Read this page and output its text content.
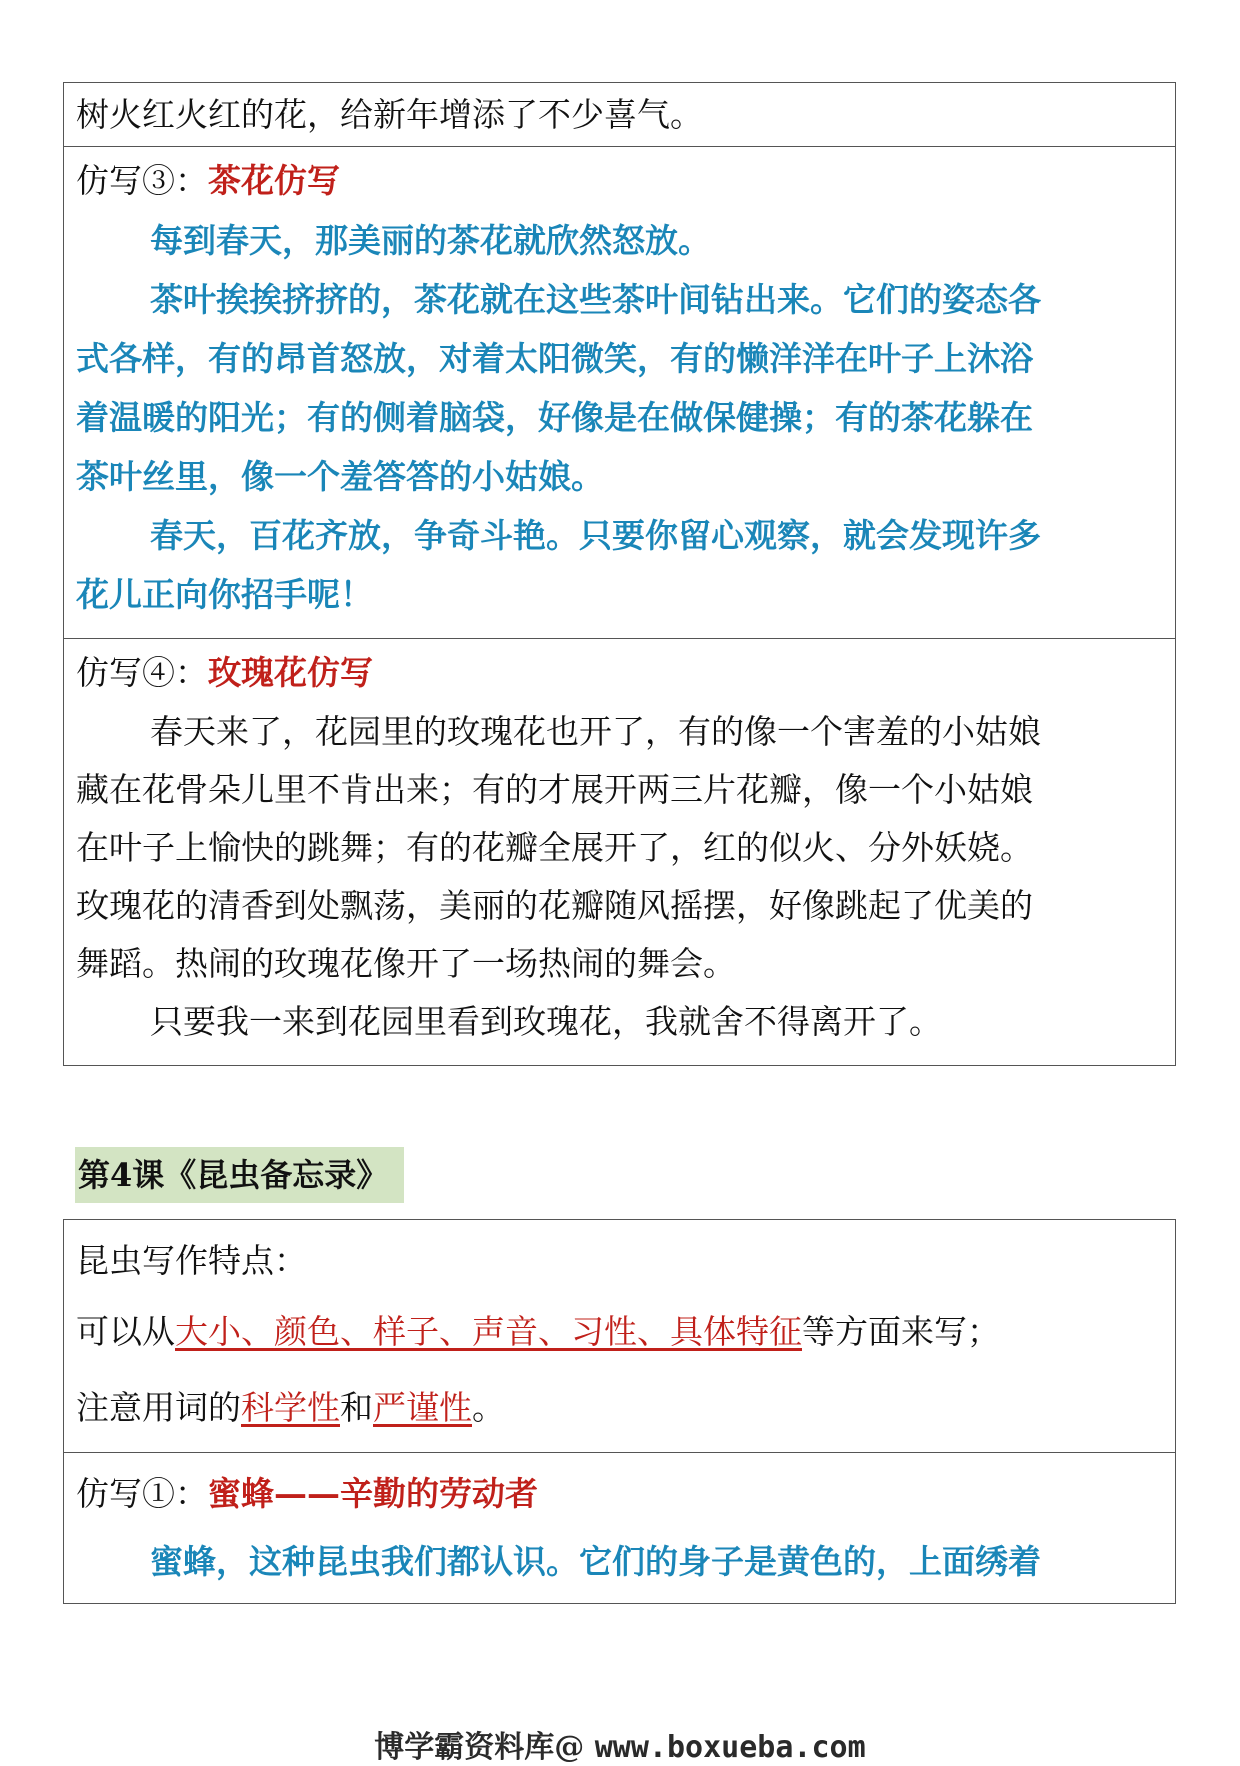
树火红火红的花，给新年增添了不少喜气。
仿写③：茶花仿写
每到春天，那美丽的茶花就欣然怒放。
茶叶挨挨挤挤的，茶花就在这些茶叶间钻出来。它们的姿态各
式各样，有的昂首怒放，对着太阳微笑，有的懒洋洋在叶子上沐浴
着温暖的阳光；有的侧着脑袋，好像是在做保健操；有的茶花躲在
茶叶丝里，像一个羞答答的小姑娘。
春天，百花齐放，争奇斗艳。只要你留心观察，就会发现许多
花儿正向你招手呢！
仿写④：玫瑰花仿写
春天来了，花园里的玫瑰花也开了，有的像一个害羞的小姑娘
藏在花骨朵儿里不肯出来；有的才展开两三片花瓣，像一个小姑娘
在叶子上愉快的跳舞；有的花瓣全展开了，红的似火、分外妖娆。
玫瑰花的清香到处飘荡，美丽的花瓣随风摇摆，好像跳起了优美的
舞蹈。热闹的玫瑰花像开了一场热闹的舞会。
只要我一来到花园里看到玫瑰花，我就舍不得离开了。
第4课《昆虫备忘录》
昆虫写作特点：
可以从大小、颜色、样子、声音、习性、具体特征等方面来写；
注意用词的科学性和严谨性。
仿写①：蜜蜂——辛勤的劳动者
蜜蜂，这种昆虫我们都认识。它们的身子是黄色的，上面绣着
博学霸资料库@ www.boxueba.com
